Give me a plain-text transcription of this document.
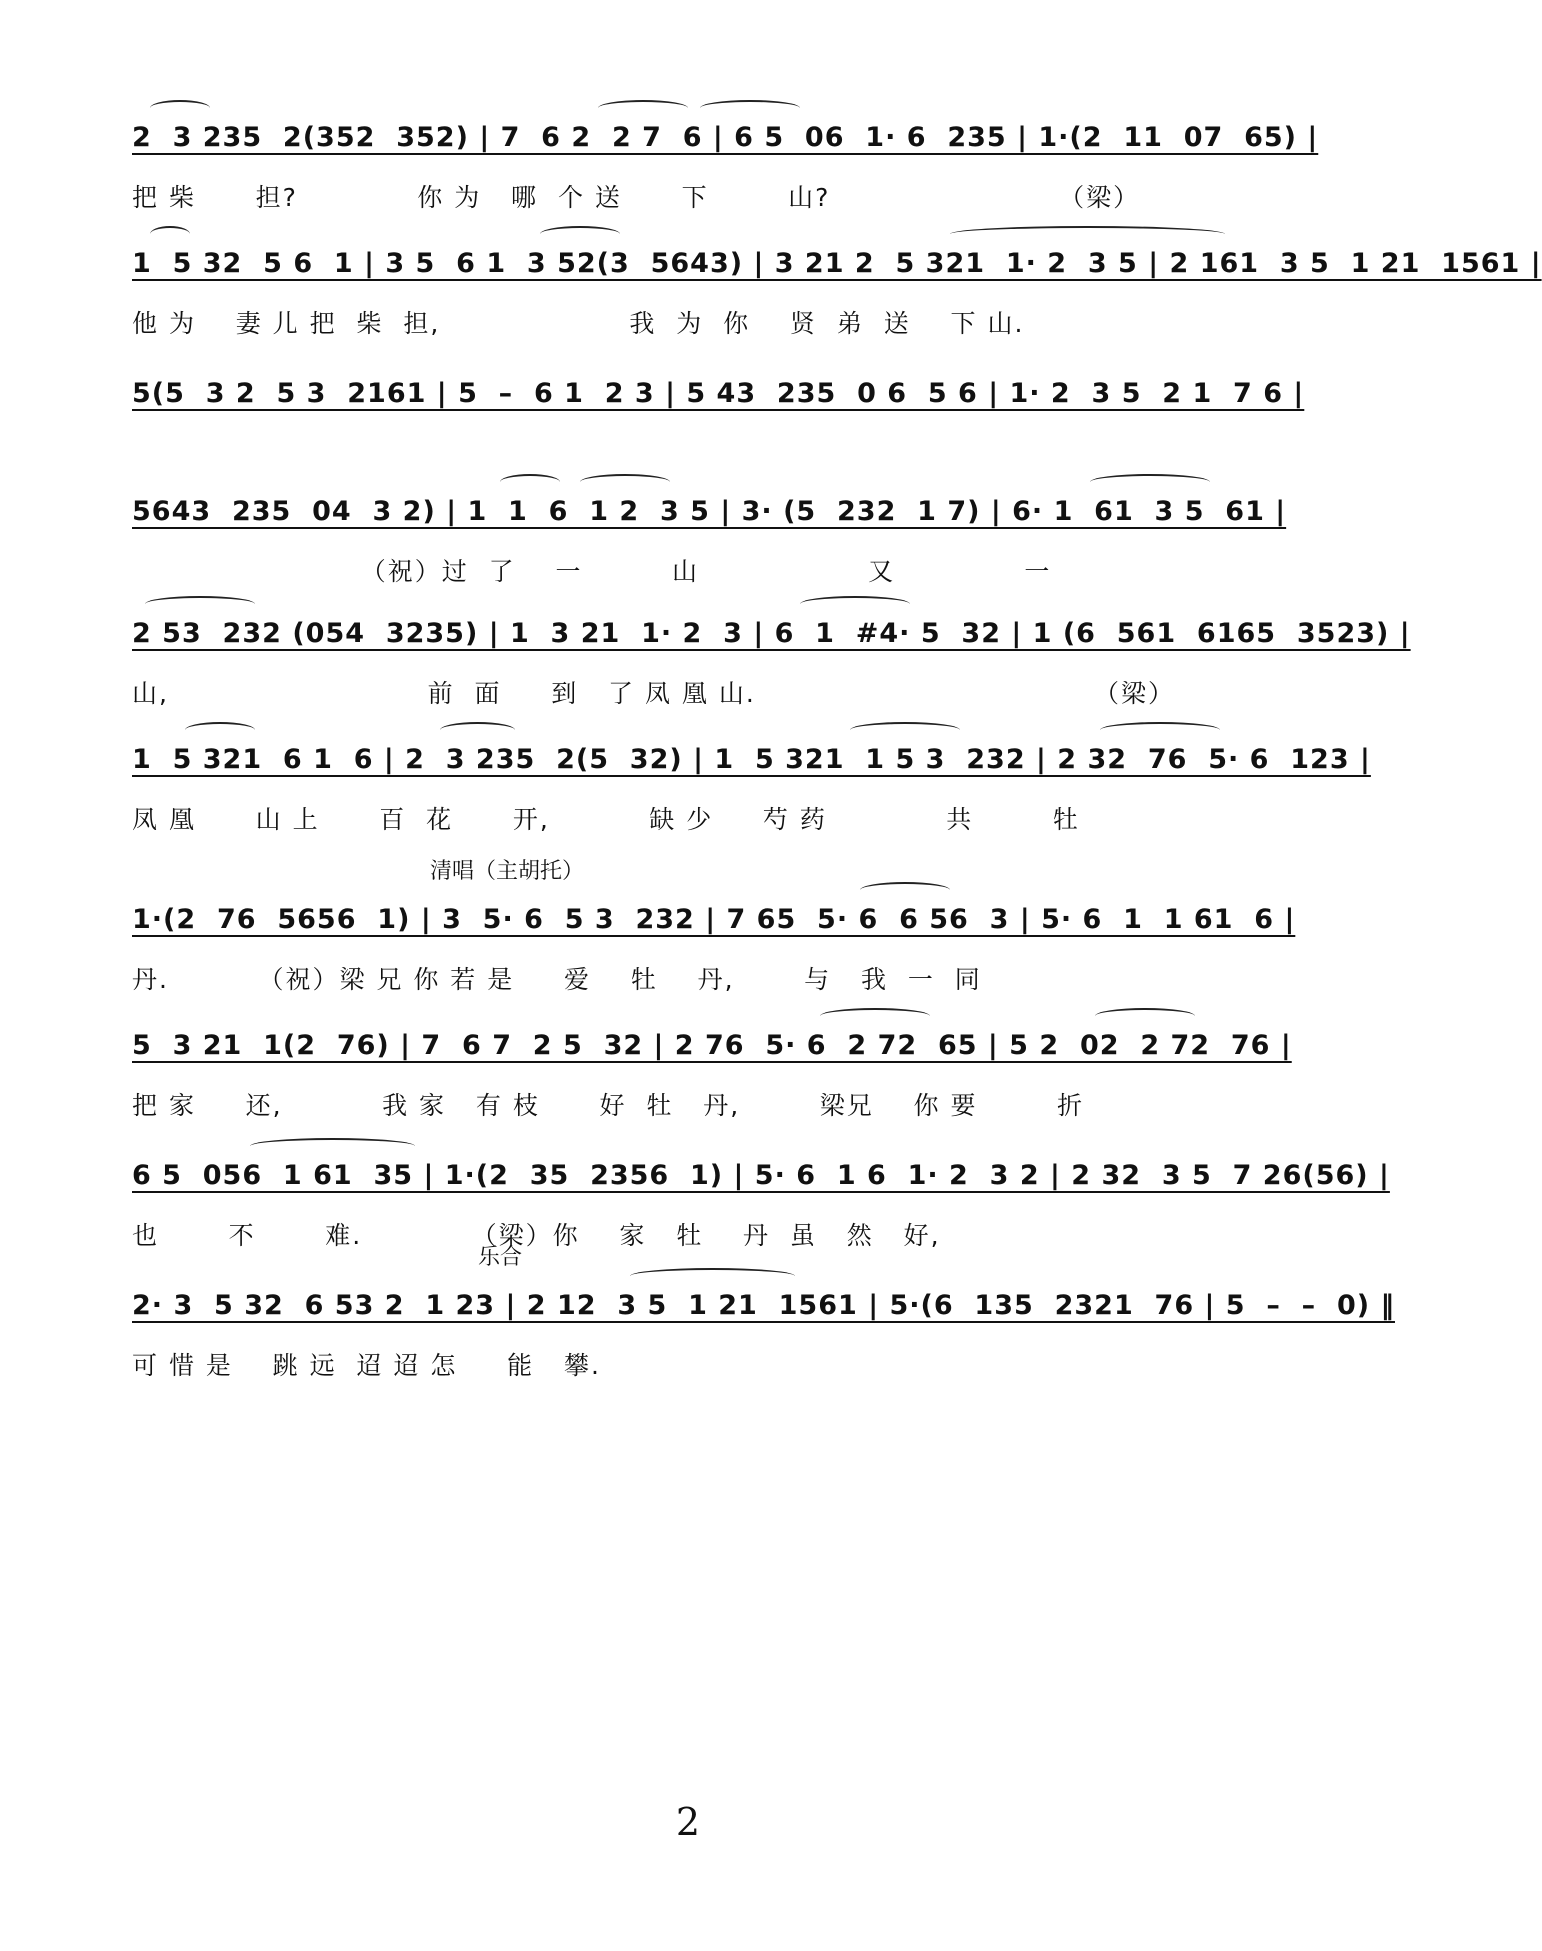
2  3 235  2(352  352) | 7  6 2  2 7  6 | 6 5  06  1· 6  235 | 1·(2  11  07  65) |
把 柴      担?            你 为   哪  个 送      下        山?                       （梁）
1  5 32  5 6  1 | 3 5  6 1  3 52(3  5643) | 3 21 2  5 321  1· 2  3 5 | 2 161  3 5  1 21  1561 |
他 为    妻 儿 把  柴  担,                   我  为  你    贤  弟  送    下 山.
5(5  3 2  5 3  2161 | 5  –  6 1  2 3 | 5 43  235  0 6  5 6 | 1· 2  3 5  2 1  7 6 |
5643  235  04  3 2) | 1  1  6  1 2  3 5 | 3· (5  232  1 7) | 6· 1  61  3 5  61 |
（祝）过  了    一         山                 又             一
2 53  232 (054  3235) | 1  3 21  1· 2  3 | 6  1  #4· 5  32 | 1 (6  561  6165  3523) |
山,                          前  面     到   了 凤 凰 山.                                  （梁）
1  5 321  6 1  6 | 2  3 235  2(5  32) | 1  5 321  1 5 3  232 | 2 32  76  5· 6  123 |
凤 凰      山 上      百  花      开,          缺 少     芍 药            共        牡
清唱（主胡托）
1·(2  76  5656  1) | 3  5· 6  5 3  232 | 7 65  5· 6  6 56  3 | 5· 6  1  1 61  6 |
丹.         （祝）梁 兄 你 若 是     爱    牡    丹,       与   我  一  同
5  3 21  1(2  76) | 7  6 7  2 5  32 | 2 76  5· 6  2 72  65 | 5 2  02  2 72  76 |
把 家     还,          我 家   有 枝      好  牡   丹,        梁兄    你 要        折
6 5  056  1 61  35 | 1·(2  35  2356  1) | 5· 6  1 6  1· 2  3 2 | 2 32  3 5  7 26(56) |
也       不       难.           （梁）你    家   牡    丹  虽   然   好,
乐合
2· 3  5 32  6 53 2  1 23 | 2 12  3 5  1 21  1561 | 5·(6  135  2321  76 | 5  –  –  0) ‖
可 惜 是    跳 远  迢 迢 怎     能   攀.
2
